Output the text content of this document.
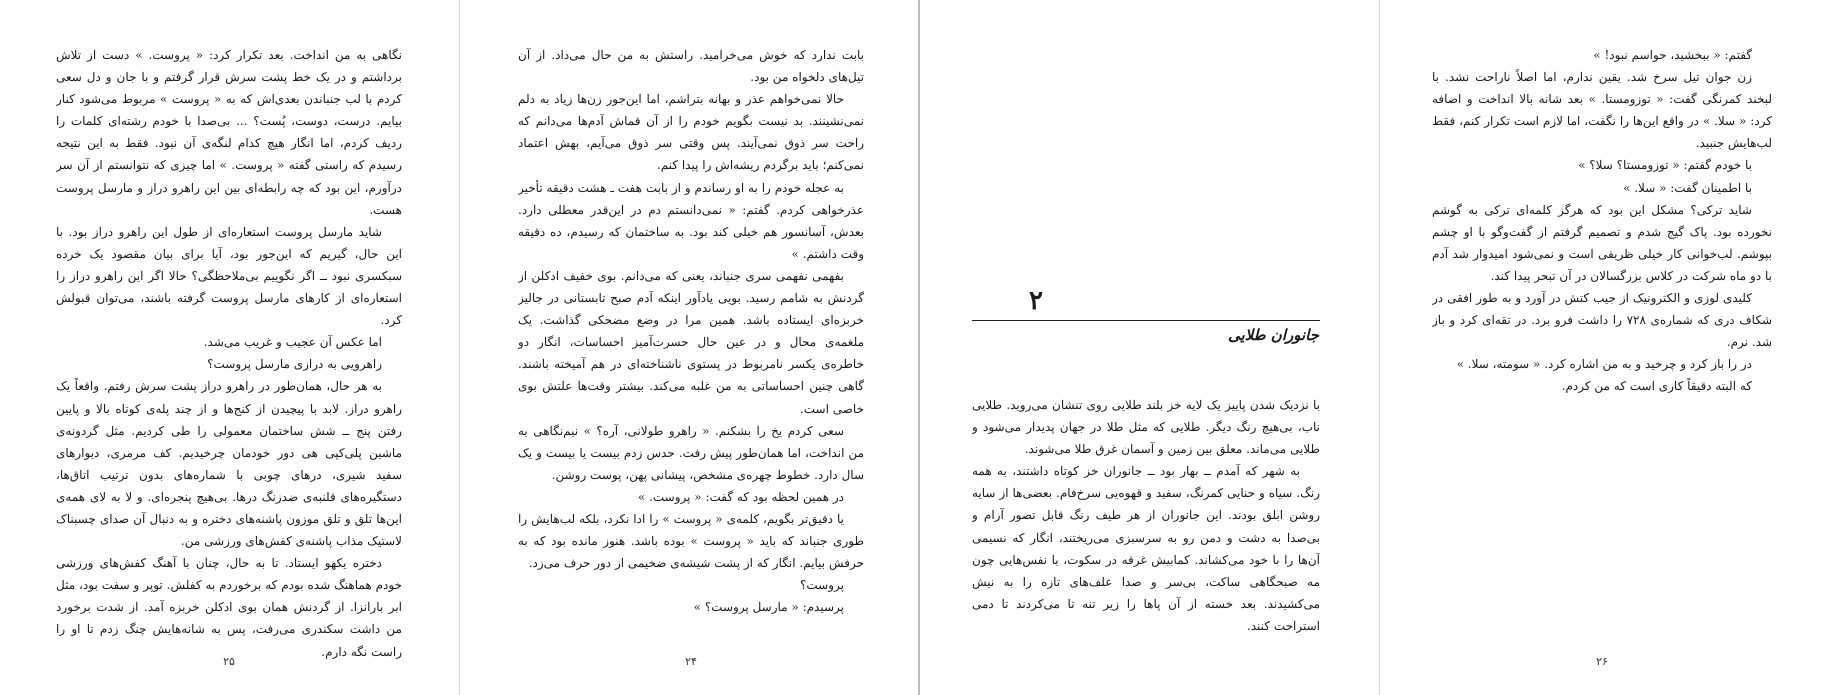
نگاهی به من انداخت. بعد تکرار کرد: « پروست. » دست از تلاش برداشتم و در یک خط پشت سرش قرار گرفتم و با جان و دل سعی کردم با لب جنباندن بعدی‌اش که به « پروست » مربوط می‌شود کنار بیایم. درست، دوست، پُست؟ ... بی‌صدا با خودم رشته‌ای کلمات را ردیف کردم، اما انگار هیچ کدام لنگه‌ی آن نبود. فقط به این نتیجه رسیدم که راستی گفته « پروست. » اما چیزی که نتوانستم از آن سر درآورم، این بود که چه رابطه‌ای بین این راهرو دراز و مارسل پروست هست.

شاید مارسل پروست استعاره‌ای از طول این راهرو دراز بود. با این حال، گیریم که این‌جور بود، آیا برای بیان مقصود یک خرده سبکسری نبود ــ اگر نگوییم بی‌ملاحظگی؟ حالا اگر این راهرو دراز را استعاره‌ای از کارهای مارسل پروست گرفته باشند، می‌توان قبولش کرد.

اما عکس آن عجیب و غریب می‌شد.

راهرویی به درازی مارسل پروست؟

به هر حال، همان‌طور در راهرو دراز پشت سرش رفتم. واقعاً یک راهرو دراز. لابد با پیچیدن از کنج‌ها و از چند پله‌ی کوتاه بالا و پایین رفتن پنج ــ شش ساختمان معمولی را طی کردیم. مثل گردونه‌ی ماشین پلی‌کپی هی دور خودمان چرخیدیم. کف مرمری، دیوارهای سفید شیری، درهای چوبی با شماره‌های بدون ترتیب اتاق‌ها، دستگیره‌های قلنبه‌ی ضدزنگ درها. بی‌هیچ پنجره‌ای. و لا به لای همه‌ی این‌ها تلق و تلق موزون پاشنه‌های دختره و به دنبال آن صدای چسبناک لاستیک مذاب پاشنه‌ی کفش‌های ورزشی من.

دختره یکهو ایستاد. تا به حال، چنان با آهنگ کفش‌های ورزشی خودم هماهنگ شده بودم که برخوردم به کفلش. توپر و سفت بود، مثل ابر بارانزا. از گردنش همان بوی ادکلن خربزه آمد. از شدت برخورد من داشت سکندری می‌رفت، پس به شانه‌هایش چنگ زدم تا او را راست نگه دارم.

۲۵

بابت ندارد که خوش می‌خرامید. راستش به من حال می‌داد. از آن تیل‌های دلخواه من بود.

حالا نمی‌خواهم عذر و بهانه بتراشم، اما این‌جور زن‌ها زیاد به دلم نمی‌نشینند. بد نیست بگویم خودم را از آن قماش آدم‌ها می‌دانم که راحت سر ذوق نمی‌آیند. پس وقتی سر ذوق می‌آیم، بهش اعتماد نمی‌کنم؛ باید برگردم ریشه‌اش را پیدا کنم.

به عجله خودم را به او رساندم و از بابت هفت ـ هشت دقیقه تأخیر عذرخواهی کردم. گفتم: « نمی‌دانستم دم در این‌قدر معطلی دارد. بعدش، آسانسور هم خیلی کند بود. به ساختمان که رسیدم، ده دقیقه وقت داشتم. »

بفهمی نفهمی سری جنباند، یعنی که می‌دانم. بوی خفیف ادکلن از گردنش به شامم رسید. بویی یادآور اینکه آدم صبح تابستانی در جالیز خربزه‌ای ایستاده باشد. همین مرا در وضع مضحکی گذاشت. یک ملغمه‌ی محال و در عین حال حسرت‌آمیز احساسات، انگار دو خاطره‌ی یکسر نامربوط در پستوی ناشناخته‌ای در هم آمیخته باشند. گاهی چنین احساساتی به من غلبه می‌کند. بیشتر وقت‌ها علتش بوی خاصی است.

سعی کردم یخ را بشکنم. « راهرو طولانی، آره؟ » نیم‌نگاهی به من انداخت، اما همان‌طور پیش رفت. حدس زدم بیست یا بیست و یک سال دارد. خطوط چهره‌ی مشخص، پیشانی پهن، پوست روشن.

در همین لحظه بود که گفت: « پروست. »

یا دقیق‌تر بگویم، کلمه‌ی « پروست » را ادا نکرد، بلکه لب‌هایش را طوری جنباند که باید « پروست » بوده باشد. هنوز مانده بود که به حرفش بیایم. انگار که از پشت شیشه‌ی ضخیمی از دور حرف می‌زد.

پروست؟

پرسیدم: « مارسل پروست؟ »

۲۴
۲
جانوران طلایی

با نزدیک شدن پاییز یک لایه خز بلند طلایی روی تنشان می‌روید. طلایی ناب، بی‌هیچ رنگ دیگر. طلایی که مثل طلا در جهان پدیدار می‌شود و طلایی می‌ماند. معلق بین زمین و آسمان غرق طلا می‌شوند.

به شهر که آمدم ــ بهار بود ــ جانوران خز کوتاه داشتند، به همه رنگ. سیاه و حنایی کمرنگ، سفید و قهوه‌یی سرخ‌فام. بعضی‌ها از سایه روشن ابلق بودند. این جانوران از هر طیف رنگ قابل تصور آرام و بی‌صدا به دشت و دمن رو به سرسبزی می‌ریختند، انگار که نسیمی آن‌ها را با خود می‌کشاند. کمابیش غرقه در سکوت، با نفس‌هایی چون مه صبحگاهی ساکت، بی‌سر و صدا علف‌های تازه را به نیش می‌کشیدند. بعد خسته از آن پاها را زیر تنه تا می‌کردند تا دمی استراحت کنند.

گفتم: « ببخشید، حواسم نبود! »

زن جوان تیل سرخ شد. یقین ندارم، اما اصلاً ناراحت نشد. با لبخند کمرنگی گفت: « توزومستا. » بعد شانه بالا انداخت و اضافه کرد: « سلا. » در واقع این‌ها را نگفت، اما لازم است تکرار کنم، فقط لب‌هایش جنبید.

با خودم گفتم: « توزومستا؟ سلا؟ »

با اطمینان گفت: « سلا. »

شاید ترکی؟ مشکل این بود که هرگز کلمه‌ای ترکی به گوشم نخورده بود. پاک گیج شدم و تصمیم گرفتم از گفت‌وگو با او چشم بپوشم. لب‌خوانی کار خیلی ظریفی است و نمی‌شود امیدوار شد آدم با دو ماه شرکت در کلاس بزرگسالان در آن تبحر پیدا کند.

کلیدی لوزی و الکترونیک از جیب کتش در آورد و به طور افقی در شکاف دری که شماره‌ی ۷۲۸ را داشت فرو برد. در تقه‌ای کرد و باز شد. نرم.

در را باز کرد و چرخید و به من اشاره کرد. « سومته، سلا. »

که البته دقیقاً کاری است که من کردم.

۲۶
